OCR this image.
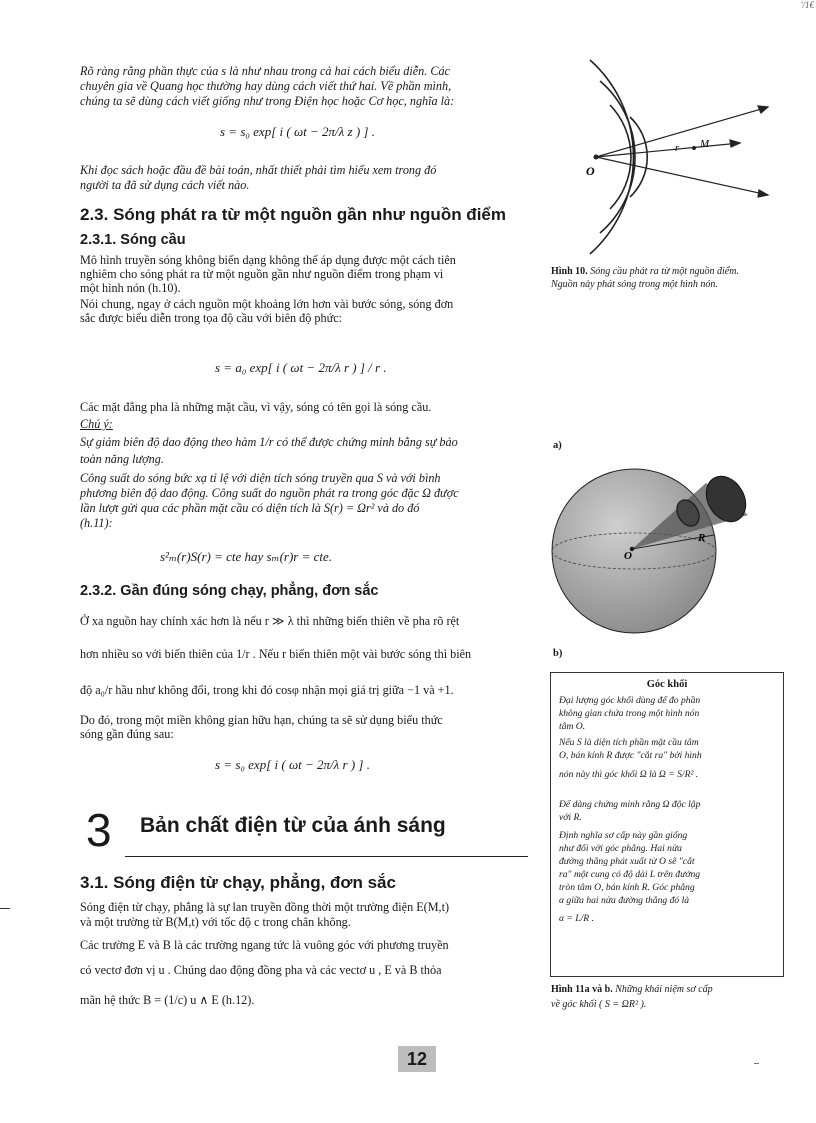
'/1€
Rõ ràng rằng phần thực của s là như nhau trong cả hai cách biểu diễn. Các
chuyên gia về Quang học thường hay dùng cách viết thứ hai. Về phần mình,
chúng ta sẽ dùng cách viết giống như trong Điện học hoặc Cơ học, nghĩa là:
s = s₀ exp[ i ( ωt − 2π/λ z ) ] .
Khi đọc sách hoặc đầu đề bài toán, nhất thiết phải tìm hiểu xem trong đó
người ta đã sử dụng cách viết nào.
2.3. Sóng phát ra từ một nguồn gần như nguồn điểm
2.3.1. Sóng cầu
Mô hình truyền sóng không biến dạng không thể áp dụng được một cách tiên
nghiêm cho sóng phát ra từ một nguồn gần như nguồn điểm trong phạm vi
một hình nón (h.10).
Nói chung, ngay ở cách nguồn một khoảng lớn hơn vài bước sóng, sóng đơn
sắc được biểu diễn trong tọa độ cầu với biên độ phức:
s = a₀ exp[ i ( ωt − 2π/λ r ) ] / r .
Các mặt đẳng pha là những mặt cầu, vì vậy, sóng có tên gọi là sóng cầu.
Chú ý:
Sự giảm biên độ dao động theo hàm 1/r có thể được chứng minh bằng sự bảo
toàn năng lượng.
Công suất do sóng bức xạ tỉ lệ với diện tích sóng truyền qua S và với bình
phương biên độ dao động. Công suất do nguồn phát ra trong góc đặc Ω được
lần lượt gửi qua các phần mặt cầu có diện tích là S(r) = Ωr² và do đó
(h.11):
s²ₘ(r)S(r) = cte hay sₘ(r)r = cte.
2.3.2. Gần đúng sóng chạy, phẳng, đơn sắc
Ở xa nguồn hay chính xác hơn là nếu r ≫ λ thì những biến thiên về pha rõ rệt
hơn nhiều so với biến thiên của 1/r . Nếu r biến thiên một vài bước sóng thì biên
độ a₀/r hầu như không đổi, trong khi đó cosφ nhận mọi giá trị giữa −1 và +1.
Do đó, trong một miền không gian hữu hạn, chúng ta sẽ sử dụng biểu thức
sóng gần đúng sau:
s = s₀ exp[ i ( ωt − 2π/λ r ) ] .
3 Bản chất điện từ của ánh sáng
3.1. Sóng điện từ chạy, phẳng, đơn sắc
Sóng điện từ chạy, phẳng là sự lan truyền đồng thời một trường điện E(M,t)
và một trường từ B(M,t) với tốc độ c trong chân không.
Các trường E và B là các trường ngang tức là vuông góc với phương truyền
có vectơ đơn vị u . Chúng dao động đồng pha và các vectơ u , E và B thỏa
mãn hệ thức B = (1/c) u ∧ E (h.12).
O
r M
Hình 10. Sóng cầu phát ra từ một nguồn điểm. Nguồn này phát sóng trong một hình nón.
a)
O
R
b)
Góc khối
Đại lượng góc khối dùng để đo phần
không gian chứa trong một hình nón
tâm O.
Nếu S là diện tích phần mặt cầu tâm
O, bán kính R được "cắt ra" bởi hình
nón này thì góc khối Ω là Ω = S/R² .
Để dàng chứng minh rằng Ω độc lập
với R.
Định nghĩa sơ cấp này gần giống
như đối với góc phẳng. Hai nửa
đường thẳng phát xuất từ O sẽ "cắt
ra" một cung có độ dài L trên đường
tròn tâm O, bán kính R. Góc phẳng
α giữa hai nửa đường thẳng đó là
α = L/R .
Hình 11a và b. Những khái niệm sơ cấp
về góc khối ( S = ΩR² ).
12
